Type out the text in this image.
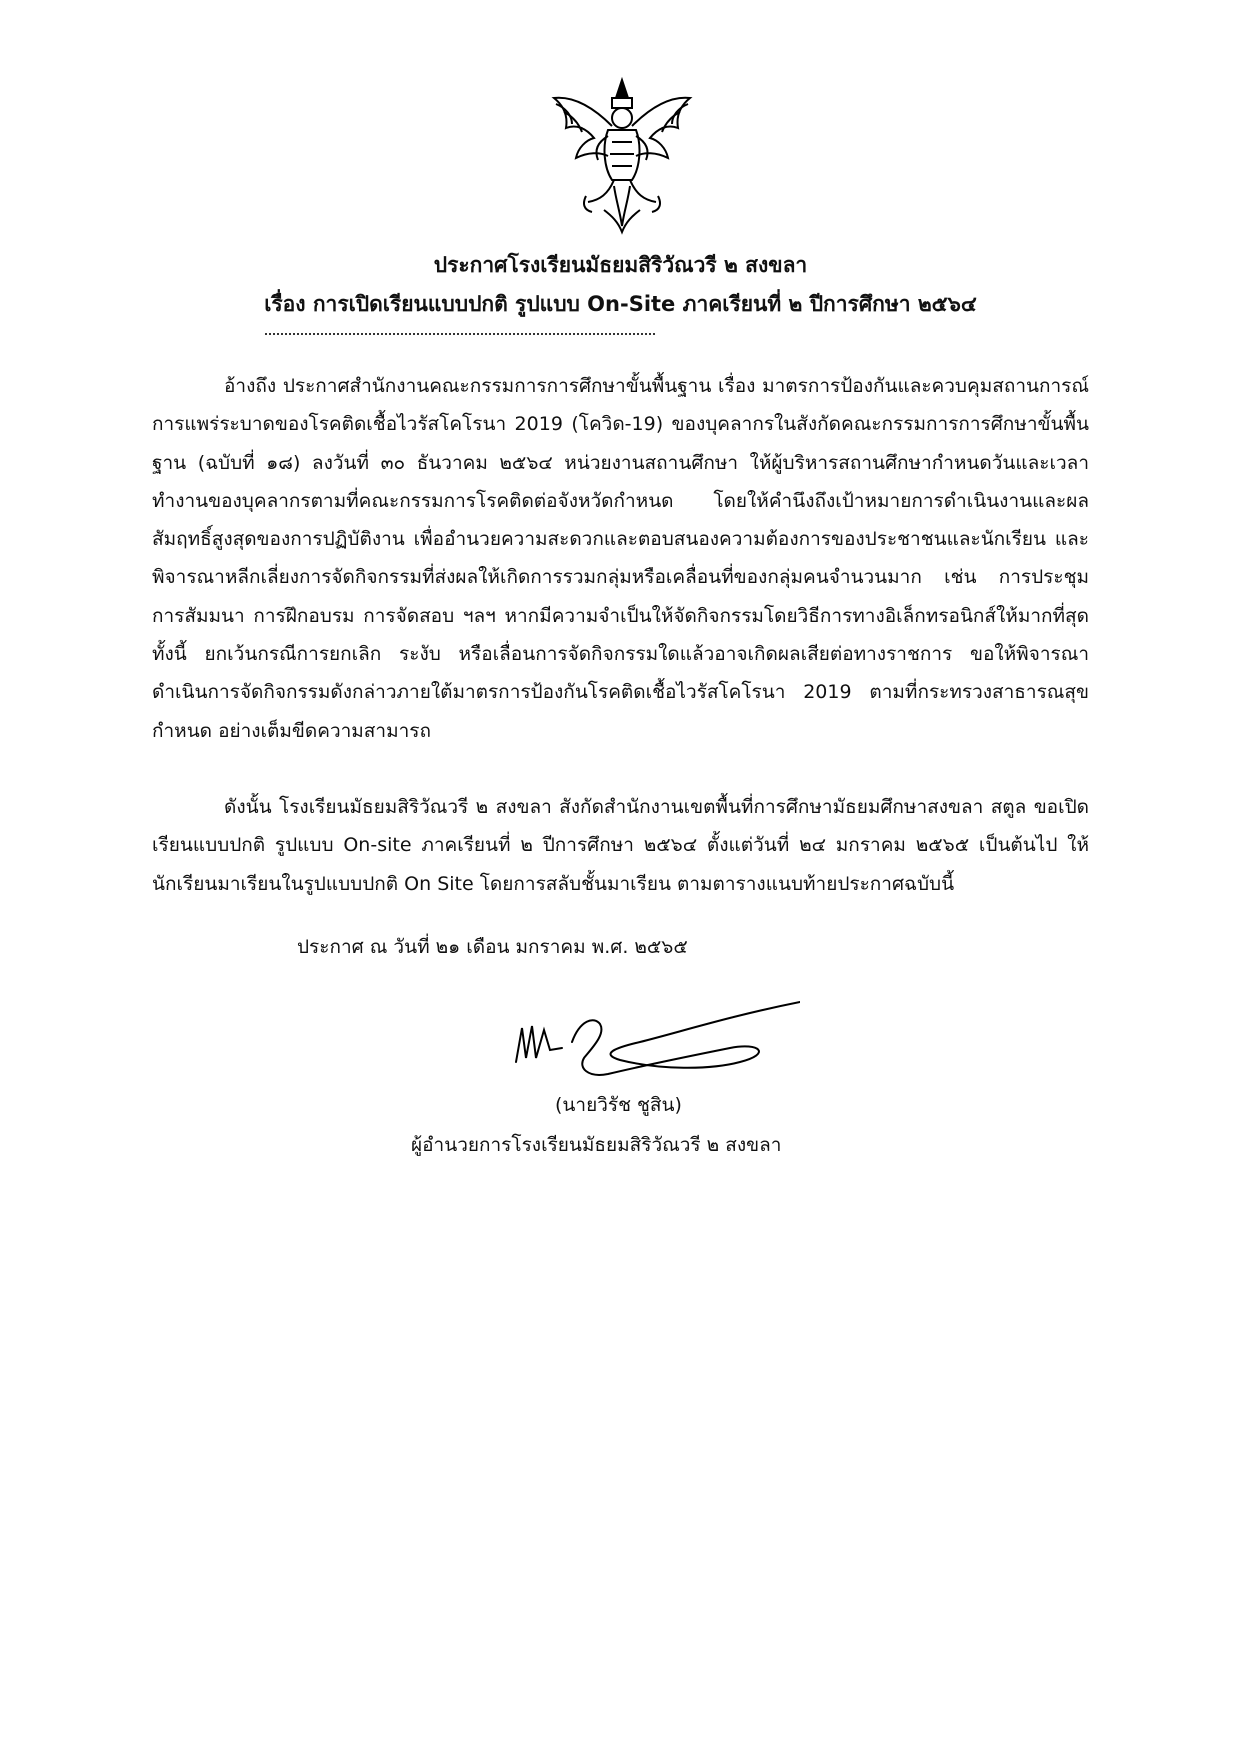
ประกาศโรงเรียนมัธยมสิริวัณวรี ๒ สงขลา
เรื่อง การเปิดเรียนแบบปกติ รูปแบบ On-Site ภาคเรียนที่ ๒ ปีการศึกษา ๒๕๖๔

อ้างถึง ประกาศสำนักงานคณะกรรมการการศึกษาขั้นพื้นฐาน เรื่อง มาตรการป้องกันและควบคุมสถานการณ์การแพร่ระบาดของโรคติดเชื้อไวรัสโคโรนา 2019 (โควิด-19) ของบุคลากรในสังกัดคณะกรรมการการศึกษาขั้นพื้นฐาน (ฉบับที่ ๑๘) ลงวันที่ ๓๐ ธันวาคม ๒๕๖๔ หน่วยงานสถานศึกษา ให้ผู้บริหารสถานศึกษากำหนดวันและเวลาทำงานของบุคลากรตามที่คณะกรรมการโรคติดต่อจังหวัดกำหนด โดยให้คำนึงถึงเป้าหมายการดำเนินงานและผลสัมฤทธิ์สูงสุดของการปฏิบัติงาน เพื่ออำนวยความสะดวกและตอบสนองความต้องการของประชาชนและนักเรียน และพิจารณาหลีกเลี่ยงการจัดกิจกรรมที่ส่งผลให้เกิดการรวมกลุ่มหรือเคลื่อนที่ของกลุ่มคนจำนวนมาก เช่น การประชุม การสัมมนา การฝึกอบรม การจัดสอบ ฯลฯ หากมีความจำเป็นให้จัดกิจกรรมโดยวิธีการทางอิเล็กทรอนิกส์ให้มากที่สุด ทั้งนี้ ยกเว้นกรณีการยกเลิก ระงับ หรือเลื่อนการจัดกิจกรรมใดแล้วอาจเกิดผลเสียต่อทางราชการ ขอให้พิจารณาดำเนินการจัดกิจกรรมดังกล่าวภายใต้มาตรการป้องกันโรคติดเชื้อไวรัสโคโรนา 2019 ตามที่กระทรวงสาธารณสุขกำหนด อย่างเต็มขีดความสามารถ

ดังนั้น โรงเรียนมัธยมสิริวัณวรี ๒ สงขลา สังกัดสำนักงานเขตพื้นที่การศึกษามัธยมศึกษาสงขลา สตูล ขอเปิดเรียนแบบปกติ รูปแบบ On-site ภาคเรียนที่ ๒ ปีการศึกษา ๒๕๖๔ ตั้งแต่วันที่ ๒๔ มกราคม ๒๕๖๕ เป็นต้นไป ให้นักเรียนมาเรียนในรูปแบบปกติ On Site โดยการสลับชั้นมาเรียน ตามตารางแนบท้ายประกาศฉบับนี้

ประกาศ ณ วันที่ ๒๑ เดือน มกราคม พ.ศ. ๒๕๖๕
(นายวิรัช ชูสิน)
ผู้อำนวยการโรงเรียนมัธยมสิริวัณวรี ๒ สงขลา
